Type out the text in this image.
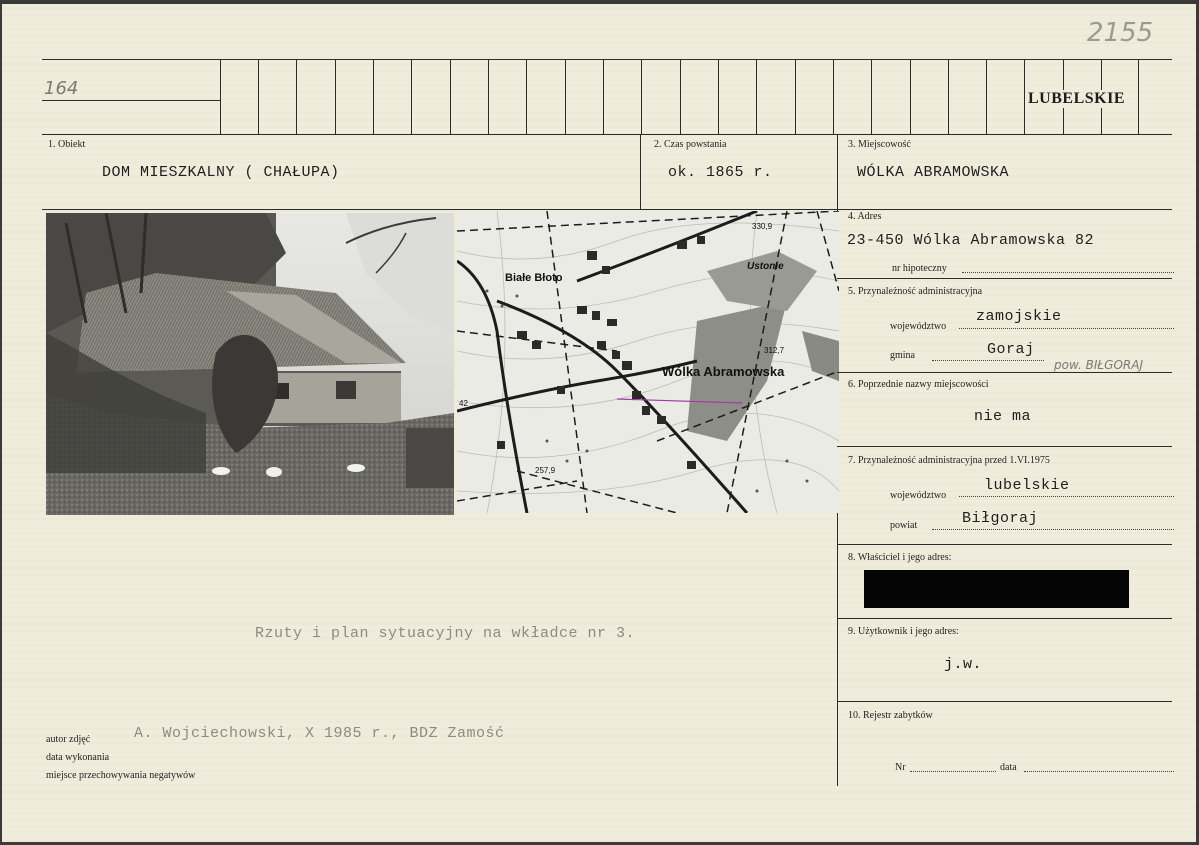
2155
164	LUBELSKIE
1. Obiekt
DOM MIESZKALNY ( CHAŁUPA)
2. Czas powstania
ok. 1865 r.
3. Miejscowość
WÓLKA ABRAMOWSKA
Białe Błoto
Ustonie
Wólka Abramowska
330,9
312,7
257,9
42
4. Adres
23-450 Wólka Abramowska 82
nr hipoteczny
5. Przynależność administracyjna
województwo
zamojskie
gmina	Goraj
pow. BIŁGORAJ
6. Poprzednie nazwy miejscowości
nie ma
7. Przynależność administracyjna przed 1.VI.1975
województwo
lubelskie
powiat	Biłgoraj
8. Właściciel i jego adres:
9. Użytkownik i jego adres:
j.w.
10. Rejestr zabytków
Nr	data
Rzuty i plan sytuacyjny na wkładce nr 3.
autor zdjęć
data wykonania
miejsce przechowywania negatywów
A. Wojciechowski, X 1985 r., BDZ Zamość
